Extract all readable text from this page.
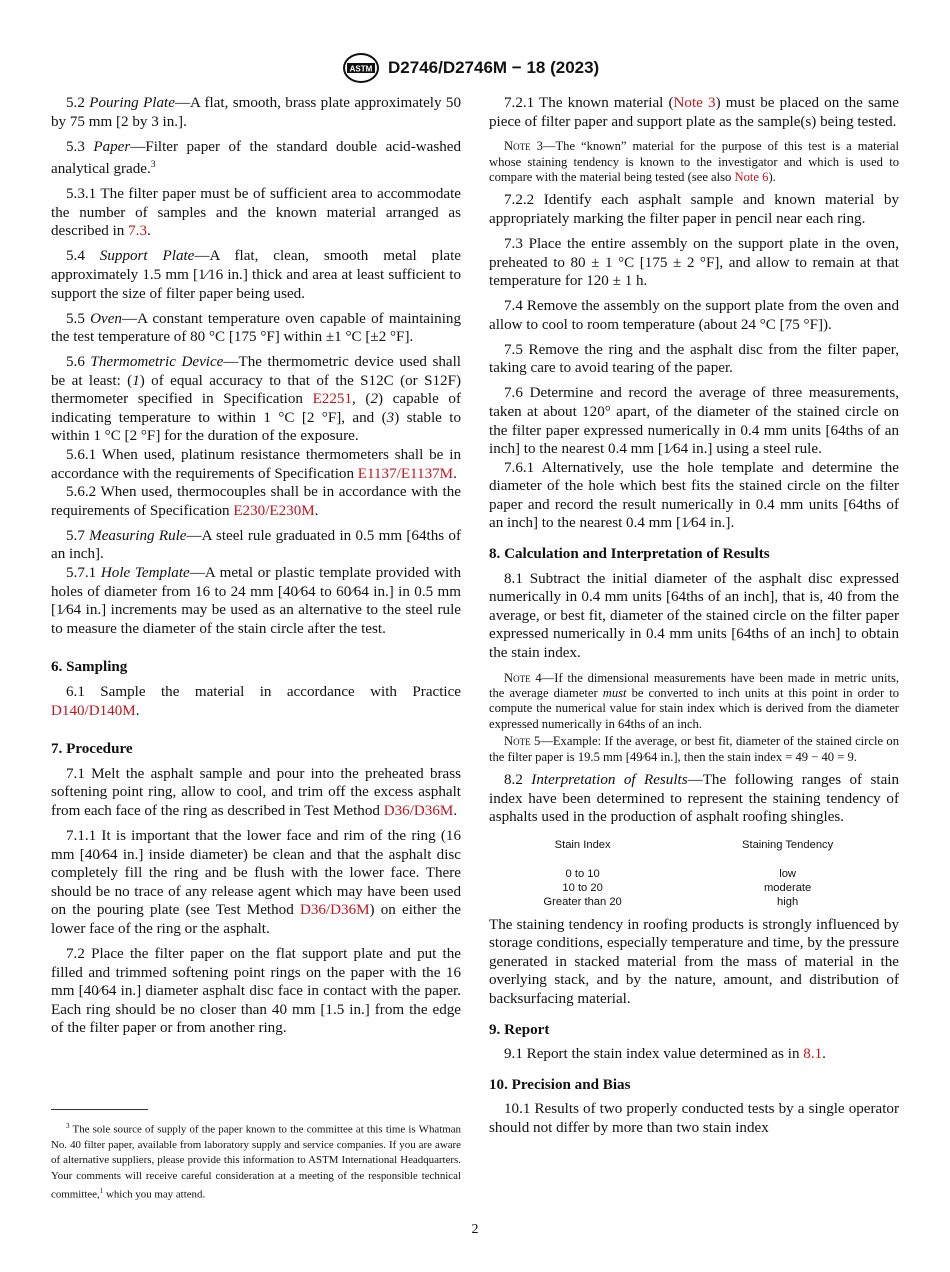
ASTM D2746/D2746M − 18 (2023)

5.2 Pouring Plate—A flat, smooth, brass plate approximately 50 by 75 mm [2 by 3 in.].

5.3 Paper—Filter paper of the standard double acid-washed analytical grade.$^3$

5.3.1 The filter paper must be of sufficient area to accommodate the number of samples and the known material arranged as described in 7.3.

5.4 Support Plate—A flat, clean, smooth metal plate approximately 1.5 mm [1⁄16 in.] thick and area at least sufficient to support the size of filter paper being used.

5.5 Oven—A constant temperature oven capable of maintaining the test temperature of 80 °C [175 °F] within ±1 °C [±2 °F].

5.6 Thermometric Device—The thermometric device used shall be at least: (1) of equal accuracy to that of the S12C (or S12F) thermometer specified in Specification E2251, (2) capable of indicating temperature to within 1 °C [2 °F], and (3) stable to within 1 °C [2 °F] for the duration of the exposure.

5.6.1 When used, platinum resistance thermometers shall be in accordance with the requirements of Specification E1137/E1137M.

5.6.2 When used, thermocouples shall be in accordance with the requirements of Specification E230/E230M.

5.7 Measuring Rule—A steel rule graduated in 0.5 mm [64ths of an inch].

5.7.1 Hole Template—A metal or plastic template provided with holes of diameter from 16 to 24 mm [40⁄64 to 60⁄64 in.] in 0.5 mm [1⁄64 in.] increments may be used as an alternative to the steel rule to measure the diameter of the stain circle after the test.

6. Sampling

6.1 Sample the material in accordance with Practice D140/D140M.

7. Procedure

7.1 Melt the asphalt sample and pour into the preheated brass softening point ring, allow to cool, and trim off the excess asphalt from each face of the ring as described in Test Method D36/D36M.

7.1.1 It is important that the lower face and rim of the ring (16 mm [40⁄64 in.] inside diameter) be clean and that the asphalt disc completely fill the ring and be flush with the lower face. There should be no trace of any release agent which may have been used on the pouring plate (see Test Method D36/D36M) on either the lower face of the ring or the asphalt.

7.2 Place the filter paper on the flat support plate and put the filled and trimmed softening point rings on the paper with the 16 mm [40⁄64 in.] diameter asphalt disc face in contact with the paper. Each ring should be no closer than 40 mm [1.5 in.] from the edge of the filter paper or from another ring.

$^3$ The sole source of supply of the paper known to the committee at this time is Whatman No. 40 filter paper, available from laboratory supply and service companies. If you are aware of alternative suppliers, please provide this information to ASTM International Headquarters. Your comments will receive careful consideration at a meeting of the responsible technical committee,$^1$ which you may attend.

7.2.1 The known material (Note 3) must be placed on the same piece of filter paper and support plate as the sample(s) being tested.

Note 3—The “known” material for the purpose of this test is a material whose staining tendency is known to the investigator and which is used to compare with the material being tested (see also Note 6).

7.2.2 Identify each asphalt sample and known material by appropriately marking the filter paper in pencil near each ring.

7.3 Place the entire assembly on the support plate in the oven, preheated to 80 ± 1 °C [175 ± 2 °F], and allow to remain at that temperature for 120 ± 1 h.

7.4 Remove the assembly on the support plate from the oven and allow to cool to room temperature (about 24 °C [75 °F]).

7.5 Remove the ring and the asphalt disc from the filter paper, taking care to avoid tearing of the paper.

7.6 Determine and record the average of three measurements, taken at about 120° apart, of the diameter of the stained circle on the filter paper expressed numerically in 0.4 mm units [64ths of an inch] to the nearest 0.4 mm [1⁄64 in.] using a steel rule.

7.6.1 Alternatively, use the hole template and determine the diameter of the hole which best fits the stained circle on the filter paper and record the result numerically in 0.4 mm units [64ths of an inch] to the nearest 0.4 mm [1⁄64 in.].

8. Calculation and Interpretation of Results

8.1 Subtract the initial diameter of the asphalt disc expressed numerically in 0.4 mm units [64ths of an inch], that is, 40 from the average, or best fit, diameter of the stained circle on the filter paper expressed numerically in 0.4 mm units [64ths of an inch] to obtain the stain index.

Note 4—If the dimensional measurements have been made in metric units, the average diameter must be converted to inch units at this point in order to compute the numerical value for stain index which is derived from the diameter expressed numerically in 64ths of an inch.

Note 5—Example: If the average, or best fit, diameter of the stained circle on the filter paper is 19.5 mm [49⁄64 in.], then the stain index = 49 − 40 = 9.

8.2 Interpretation of Results—The following ranges of stain index have been determined to represent the staining tendency of asphalts used in the production of asphalt roofing shingles.

Stain Index	Staining Tendency
0 to 10	low
10 to 20	moderate
Greater than 20	high

The staining tendency in roofing products is strongly influenced by storage conditions, especially temperature and time, by the pressure generated in stacked material from the mass of material in the overlying stack, and by the nature, amount, and distribution of backsurfacing material.

9. Report

9.1 Report the stain index value determined as in 8.1.

10. Precision and Bias

10.1 Results of two properly conducted tests by a single operator should not differ by more than two stain index

2
